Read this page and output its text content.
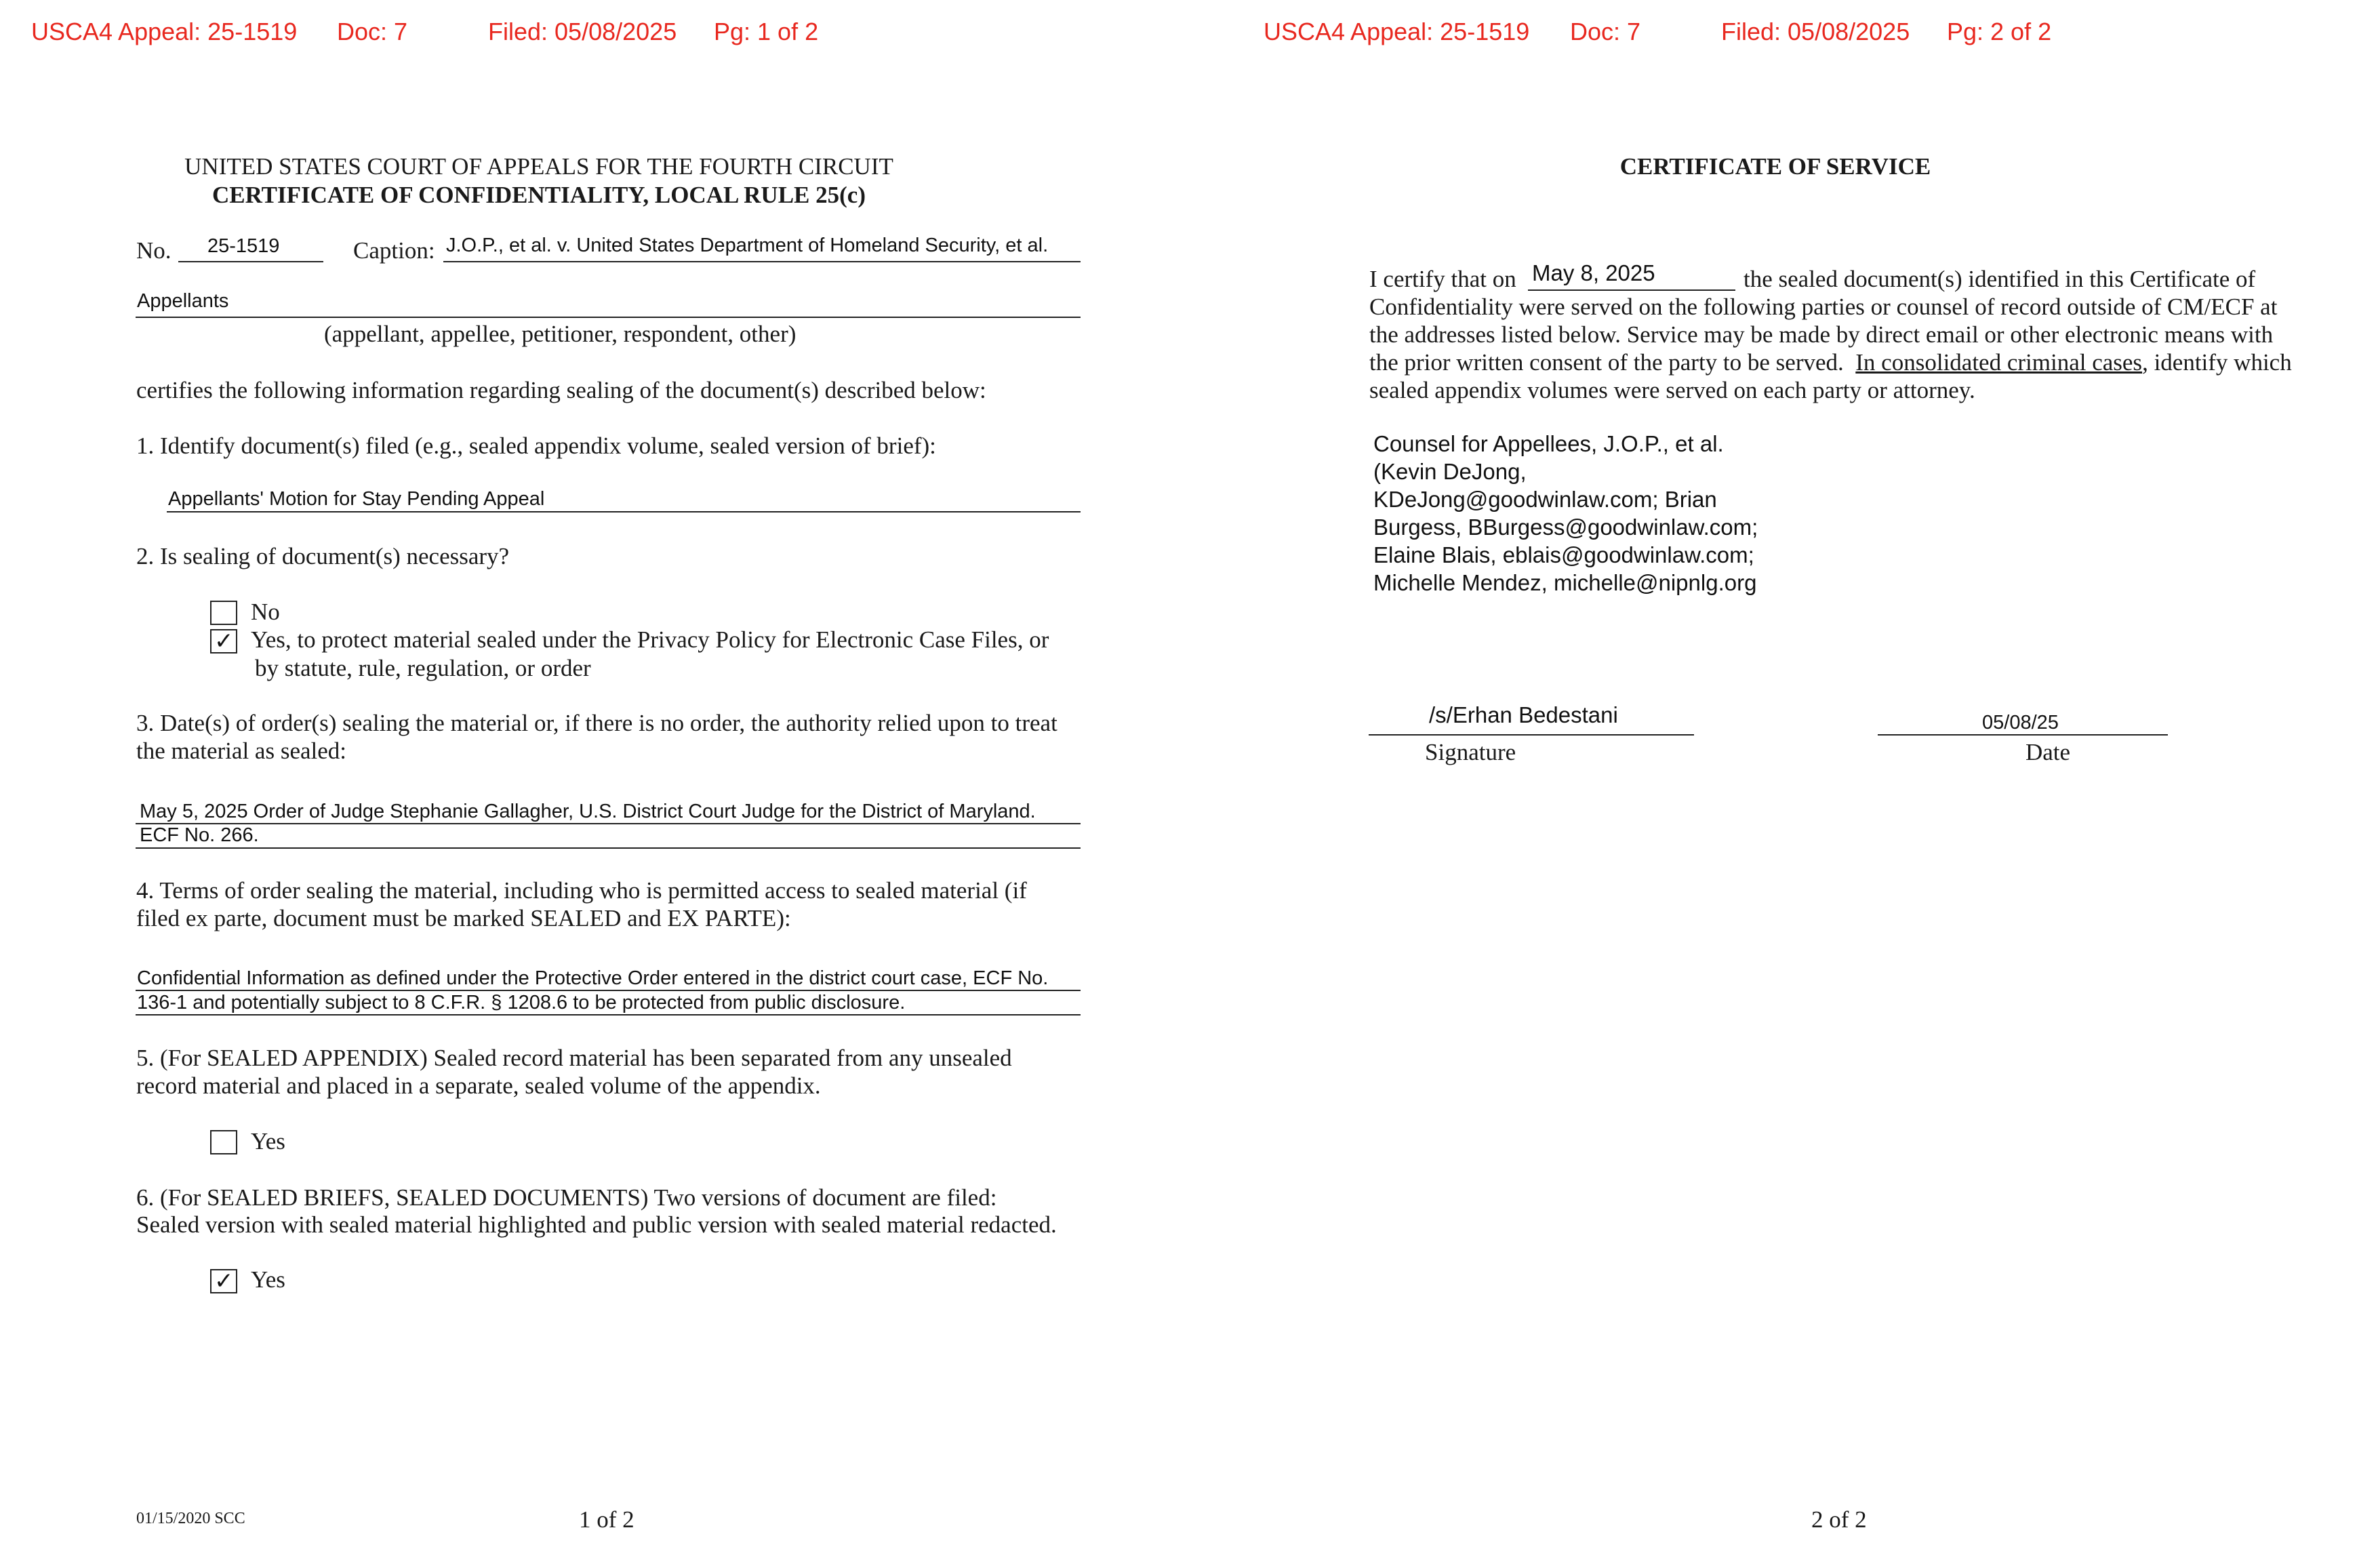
USCA4 Appeal: 25-1519 Doc: 7	Filed: 05/08/2025 Pg: 1 of 2
UNITED STATES COURT OF APPEALS FOR THE FOURTH CIRCUIT
CERTIFICATE OF CONFIDENTIALITY, LOCAL RULE 25(c)
No. 25-1519	Caption: J.O.P., et al. v. United States Department of Homeland Security, et al.
Appellants
(appellant, appellee, petitioner, respondent, other)
certifies the following information regarding sealing of the document(s) described below:
1. Identify document(s) filed (e.g., sealed appendix volume, sealed version of brief):
Appellants' Motion for Stay Pending Appeal
2. Is sealing of document(s) necessary?
No
✓ Yes, to protect material sealed under the Privacy Policy for Electronic Case Files, or
by statute, rule, regulation, or order
3. Date(s) of order(s) sealing the material or, if there is no order, the authority relied upon to treat
the material as sealed:
May 5, 2025 Order of Judge Stephanie Gallagher, U.S. District Court Judge for the District of Maryland.
ECF No. 266.
4. Terms of order sealing the material, including who is permitted access to sealed material (if
filed ex parte, document must be marked SEALED and EX PARTE):
Confidential Information as defined under the Protective Order entered in the district court case, ECF No.
136-1 and potentially subject to 8 C.F.R. § 1208.6 to be protected from public disclosure.
5. (For SEALED APPENDIX) Sealed record material has been separated from any unsealed
record material and placed in a separate, sealed volume of the appendix.
Yes
6. (For SEALED BRIEFS, SEALED DOCUMENTS) Two versions of document are filed:
Sealed version with sealed material highlighted and public version with sealed material redacted.
✓ Yes
01/15/2020 SCC	1 of 2
USCA4 Appeal: 25-1519 Doc: 7	Filed: 05/08/2025 Pg: 2 of 2
CERTIFICATE OF SERVICE
I certify that on May 8, 2025	the sealed document(s) identified in this Certificate of
Confidentiality were served on the following parties or counsel of record outside of CM/ECF at
the addresses listed below. Service may be made by direct email or other electronic means with
the prior written consent of the party to be served. In consolidated criminal cases, identify which
sealed appendix volumes were served on each party or attorney.
Counsel for Appellees, J.O.P., et al.
(Kevin DeJong,
KDeJong@goodwinlaw.com; Brian
Burgess, BBurgess@goodwinlaw.com;
Elaine Blais, eblais@goodwinlaw.com;
Michelle Mendez, michelle@nipnlg.org
/s/Erhan Bedestani
Signature
05/08/25
Date
2 of 2
